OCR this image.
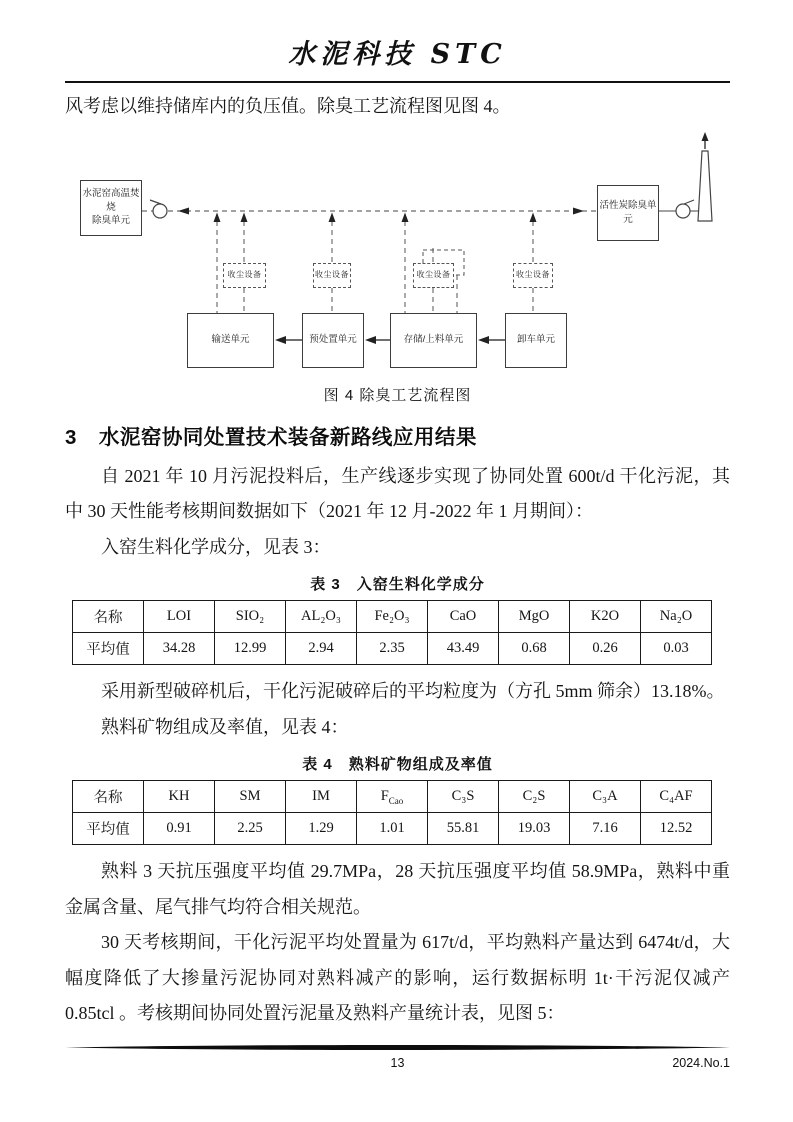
水泥科技 STC

风考虑以维持储库内的负压值。除臭工艺流程图见图 4。

水泥窑高温焚烧
除臭单元
活性炭除臭单元
收尘设备	收尘设备	收尘设备	收尘设备
输送单元	预处置单元	存储/上料单元	卸车单元
图 4 除臭工艺流程图
3 水泥窑协同处置技术装备新路线应用结果

自 2021 年 10 月污泥投料后，生产线逐步实现了协同处置 600t/d 干化污泥，其中 30 天性能考核期间数据如下（2021 年 12 月-2022 年 1 月期间）：

入窑生料化学成分，见表 3：

表 3　入窑生料化学成分
名称	LOI	SIO₂	AL₂O₃	Fe₂O₃	CaO	MgO	K2O	Na₂O
平均值	34.28	12.99	2.94	2.35	43.49	0.68	0.26	0.03

采用新型破碎机后，干化污泥破碎后的平均粒度为（方孔 5mm 筛余）13.18%。

熟料矿物组成及率值，见表 4：

表 4　熟料矿物组成及率值
名称	KH	SM	IM	$F_{Cao}$	C₃S	C₂S	C₃A	C₄AF
平均值	0.91	2.25	1.29	1.01	55.81	19.03	7.16	12.52

熟料 3 天抗压强度平均值 29.7MPa，28 天抗压强度平均值 58.9MPa，熟料中重金属含量、尾气排气均符合相关规范。

30 天考核期间，干化污泥平均处置量为 617t/d，平均熟料产量达到 6474t/d，大幅度降低了大掺量污泥协同对熟料减产的影响，运行数据标明 1t·干污泥仅减产 0.85tcl 。考核期间协同处置污泥量及熟料产量统计表，见图 5：

13	2024.No.1
